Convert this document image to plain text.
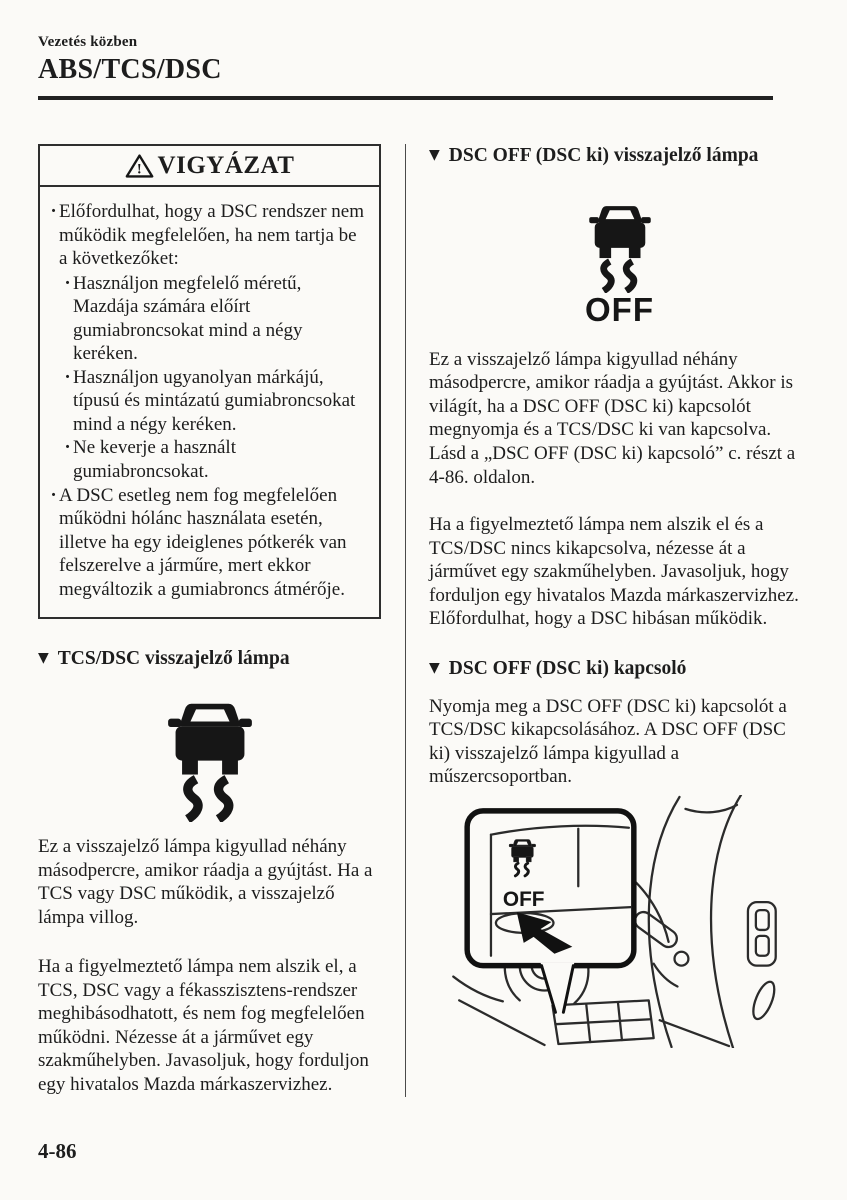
Vezetés közben
ABS/TCS/DSC
! VIGYÁZAT
· Előfordulhat, hogy a DSC rendszer nem működik megfelelően, ha nem tartja be a következőket:
· Használjon megfelelő méretű, Mazdája számára előírt gumiabroncsokat mind a négy keréken.
· Használjon ugyanolyan márkájú, típusú és mintázatú gumiabroncsokat mind a négy keréken.
· Ne keverje a használt gumiabroncsokat.
· A DSC esetleg nem fog megfelelően működni hólánc használata esetén, illetve ha egy ideiglenes pótkerék van felszerelve a járműre, mert ekkor megváltozik a gumiabroncs átmérője.
▼ TCS/DSC visszajelző lámpa

Ez a visszajelző lámpa kigyullad néhány másodpercre, amikor ráadja a gyújtást. Ha a TCS vagy DSC működik, a visszajelző lámpa villog.

Ha a figyelmeztető lámpa nem alszik el, a TCS, DSC vagy a fékasszisztens-rendszer meghibásodhatott, és nem fog megfelelően működni. Nézesse át a járművet egy szakműhelyben. Javasoljuk, hogy forduljon egy hivatalos Mazda márkaszervizhez.

▼ DSC OFF (DSC ki) visszajelző lámpa
OFF

Ez a visszajelző lámpa kigyullad néhány másodpercre, amikor ráadja a gyújtást. Akkor is világít, ha a DSC OFF (DSC ki) kapcsolót megnyomja és a TCS/DSC ki van kapcsolva.

Lásd a „DSC OFF (DSC ki) kapcsoló” c. részt a 4-86. oldalon.

Ha a figyelmeztető lámpa nem alszik el és a TCS/DSC nincs kikapcsolva, nézesse át a járművet egy szakműhelyben. Javasoljuk, hogy forduljon egy hivatalos Mazda márkaszervizhez. Előfordulhat, hogy a DSC hibásan működik.

▼ DSC OFF (DSC ki) kapcsoló

Nyomja meg a DSC OFF (DSC ki) kapcsolót a TCS/DSC kikapcsolásához. A DSC OFF (DSC ki) visszajelző lámpa kigyullad a műszercsoportban.

OFF
4-86
